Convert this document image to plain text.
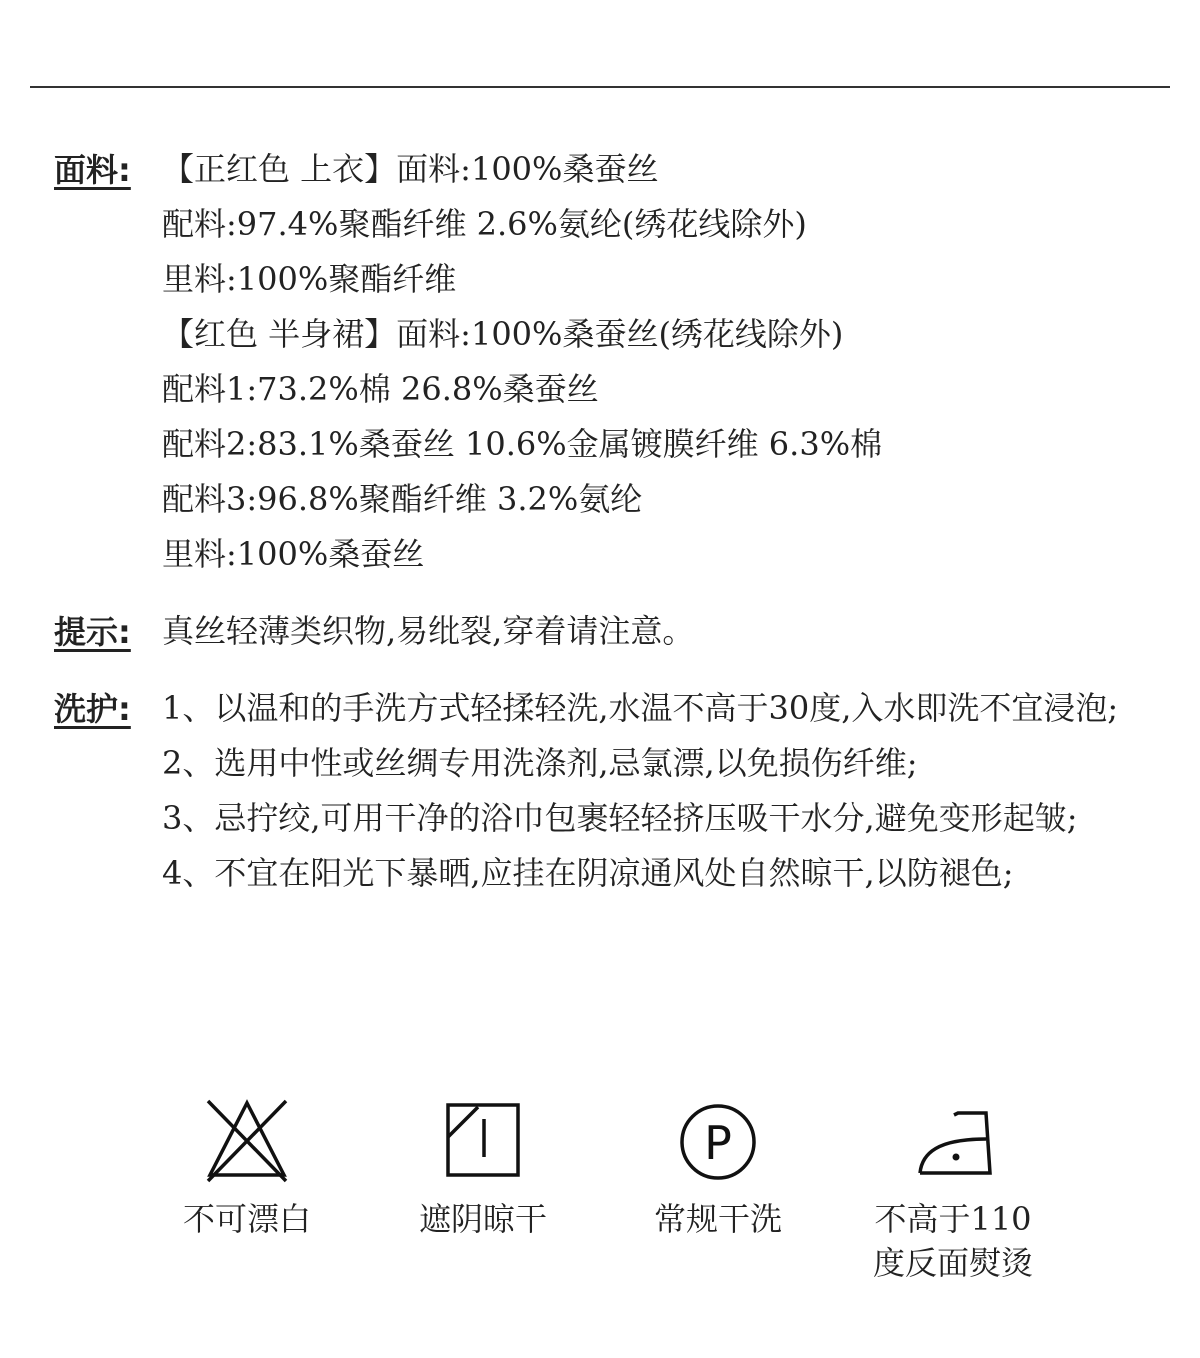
面料: 【正红色 上衣】面料:100%桑蚕丝
配料:97.4%聚酯纤维 2.6%氨纶(绣花线除外)
里料:100%聚酯纤维
【红色 半身裙】面料:100%桑蚕丝(绣花线除外)
配料1:73.2%棉 26.8%桑蚕丝
配料2:83.1%桑蚕丝 10.6%金属镀膜纤维 6.3%棉
配料3:96.8%聚酯纤维 3.2%氨纶
里料:100%桑蚕丝
提示: 真丝轻薄类织物,易纰裂,穿着请注意。
洗护: 1、以温和的手洗方式轻揉轻洗,水温不高于30度,入水即洗不宜浸泡;
2、选用中性或丝绸专用洗涤剂,忌氯漂,以免损伤纤维;
3、忌拧绞,可用干净的浴巾包裹轻轻挤压吸干水分,避免变形起皱;
4、不宜在阳光下暴晒,应挂在阴凉通风处自然晾干,以防褪色;
不可漂白	遮阴晾干
P
常规干洗	不高于110
度反面熨烫
